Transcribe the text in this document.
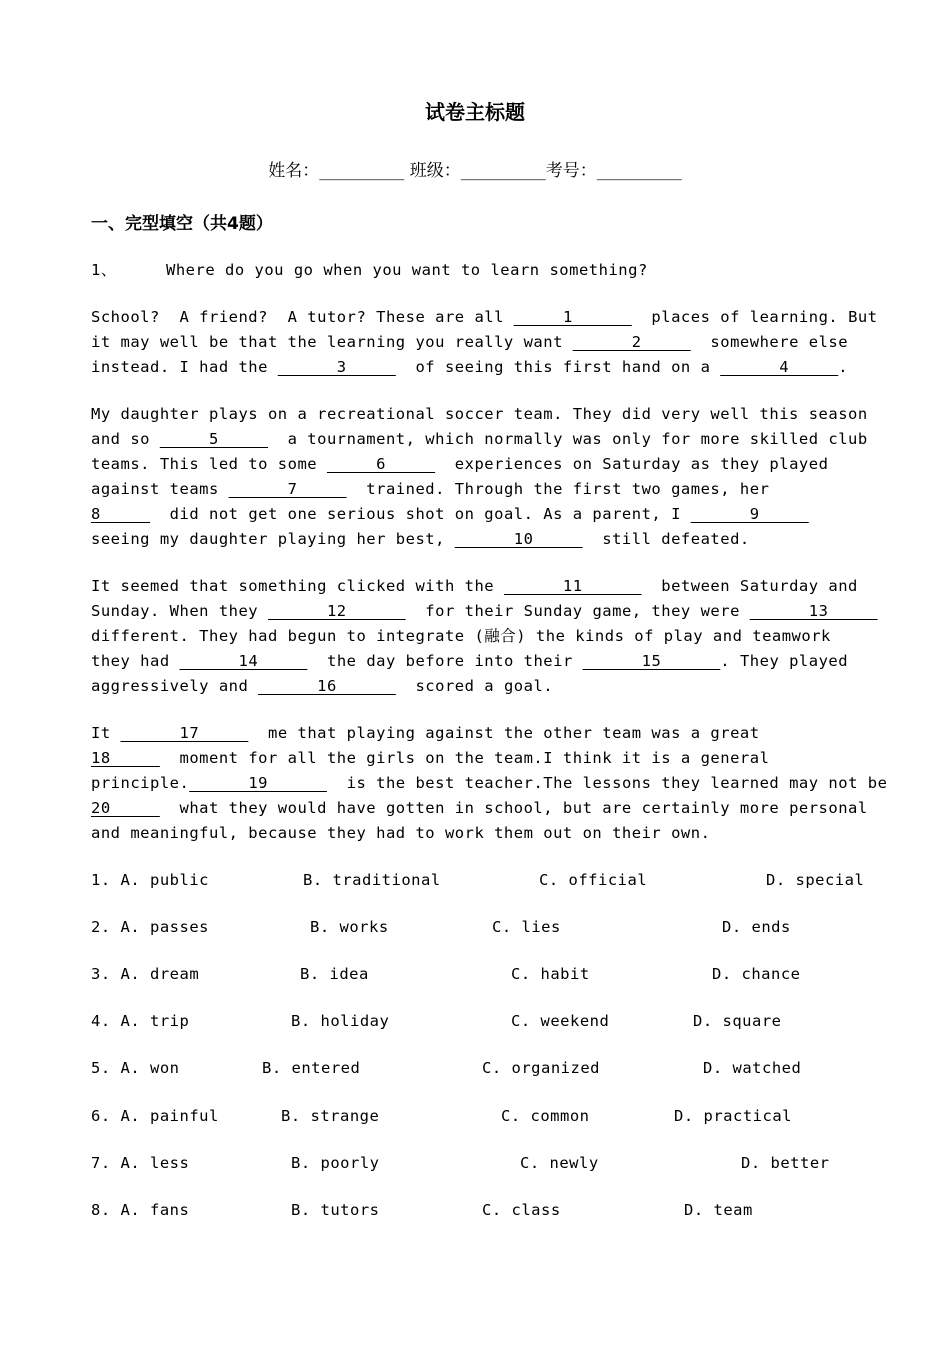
试卷主标题
姓名：__________ 班级：__________考号：__________
一、完型填空（共4题）
1、	Where do you go when you want to learn something?
School?  A friend?  A tutor? These are all _____1______  places of learning. But
it may well be that the learning you really want ______2_____  somewhere else
instead. I had the ______3_____  of seeing this first hand on a ______4_____.
My daughter plays on a recreational soccer team. They did very well this season
and so _____5_____  a tournament, which normally was only for more skilled club
teams. This led to some _____6_____  experiences on Saturday as they played
against teams ______7_____  trained. Through the first two games, her
8_____  did not get one serious shot on goal. As a parent, I ______9_____
seeing my daughter playing her best, ______10_____  still defeated.
It seemed that something clicked with the ______11______  between Saturday and
Sunday. When they ______12______  for their Sunday game, they were ______13_____
different. They had begun to integrate (融合) the kinds of play and teamwork
they had ______14_____  the day before into their ______15______. They played
aggressively and ______16______  scored a goal.
It ______17_____  me that playing against the other team was a great
18_____  moment for all the girls on the team.I think it is a general
principle.______19______  is the best teacher.The lessons they learned may not be
20_____  what they would have gotten in school, but are certainly more personal
and meaningful, because they had to work them out on their own.

1. A. public

	B. traditional

	C. official

	D. special

2. A. passes

	B. works

	C. lies

	D. ends

3. A. dream

	B. idea

	C. habit

	D. chance

4. A. trip

	B. holiday

	C. weekend

	D. square

5. A. won

	B. entered

	C. organized

	D. watched

6. A. painful

	B. strange

	C. common

	D. practical

7. A. less

	B. poorly

	C. newly

	D. better

8. A. fans

	B. tutors

	C. class

	D. team
